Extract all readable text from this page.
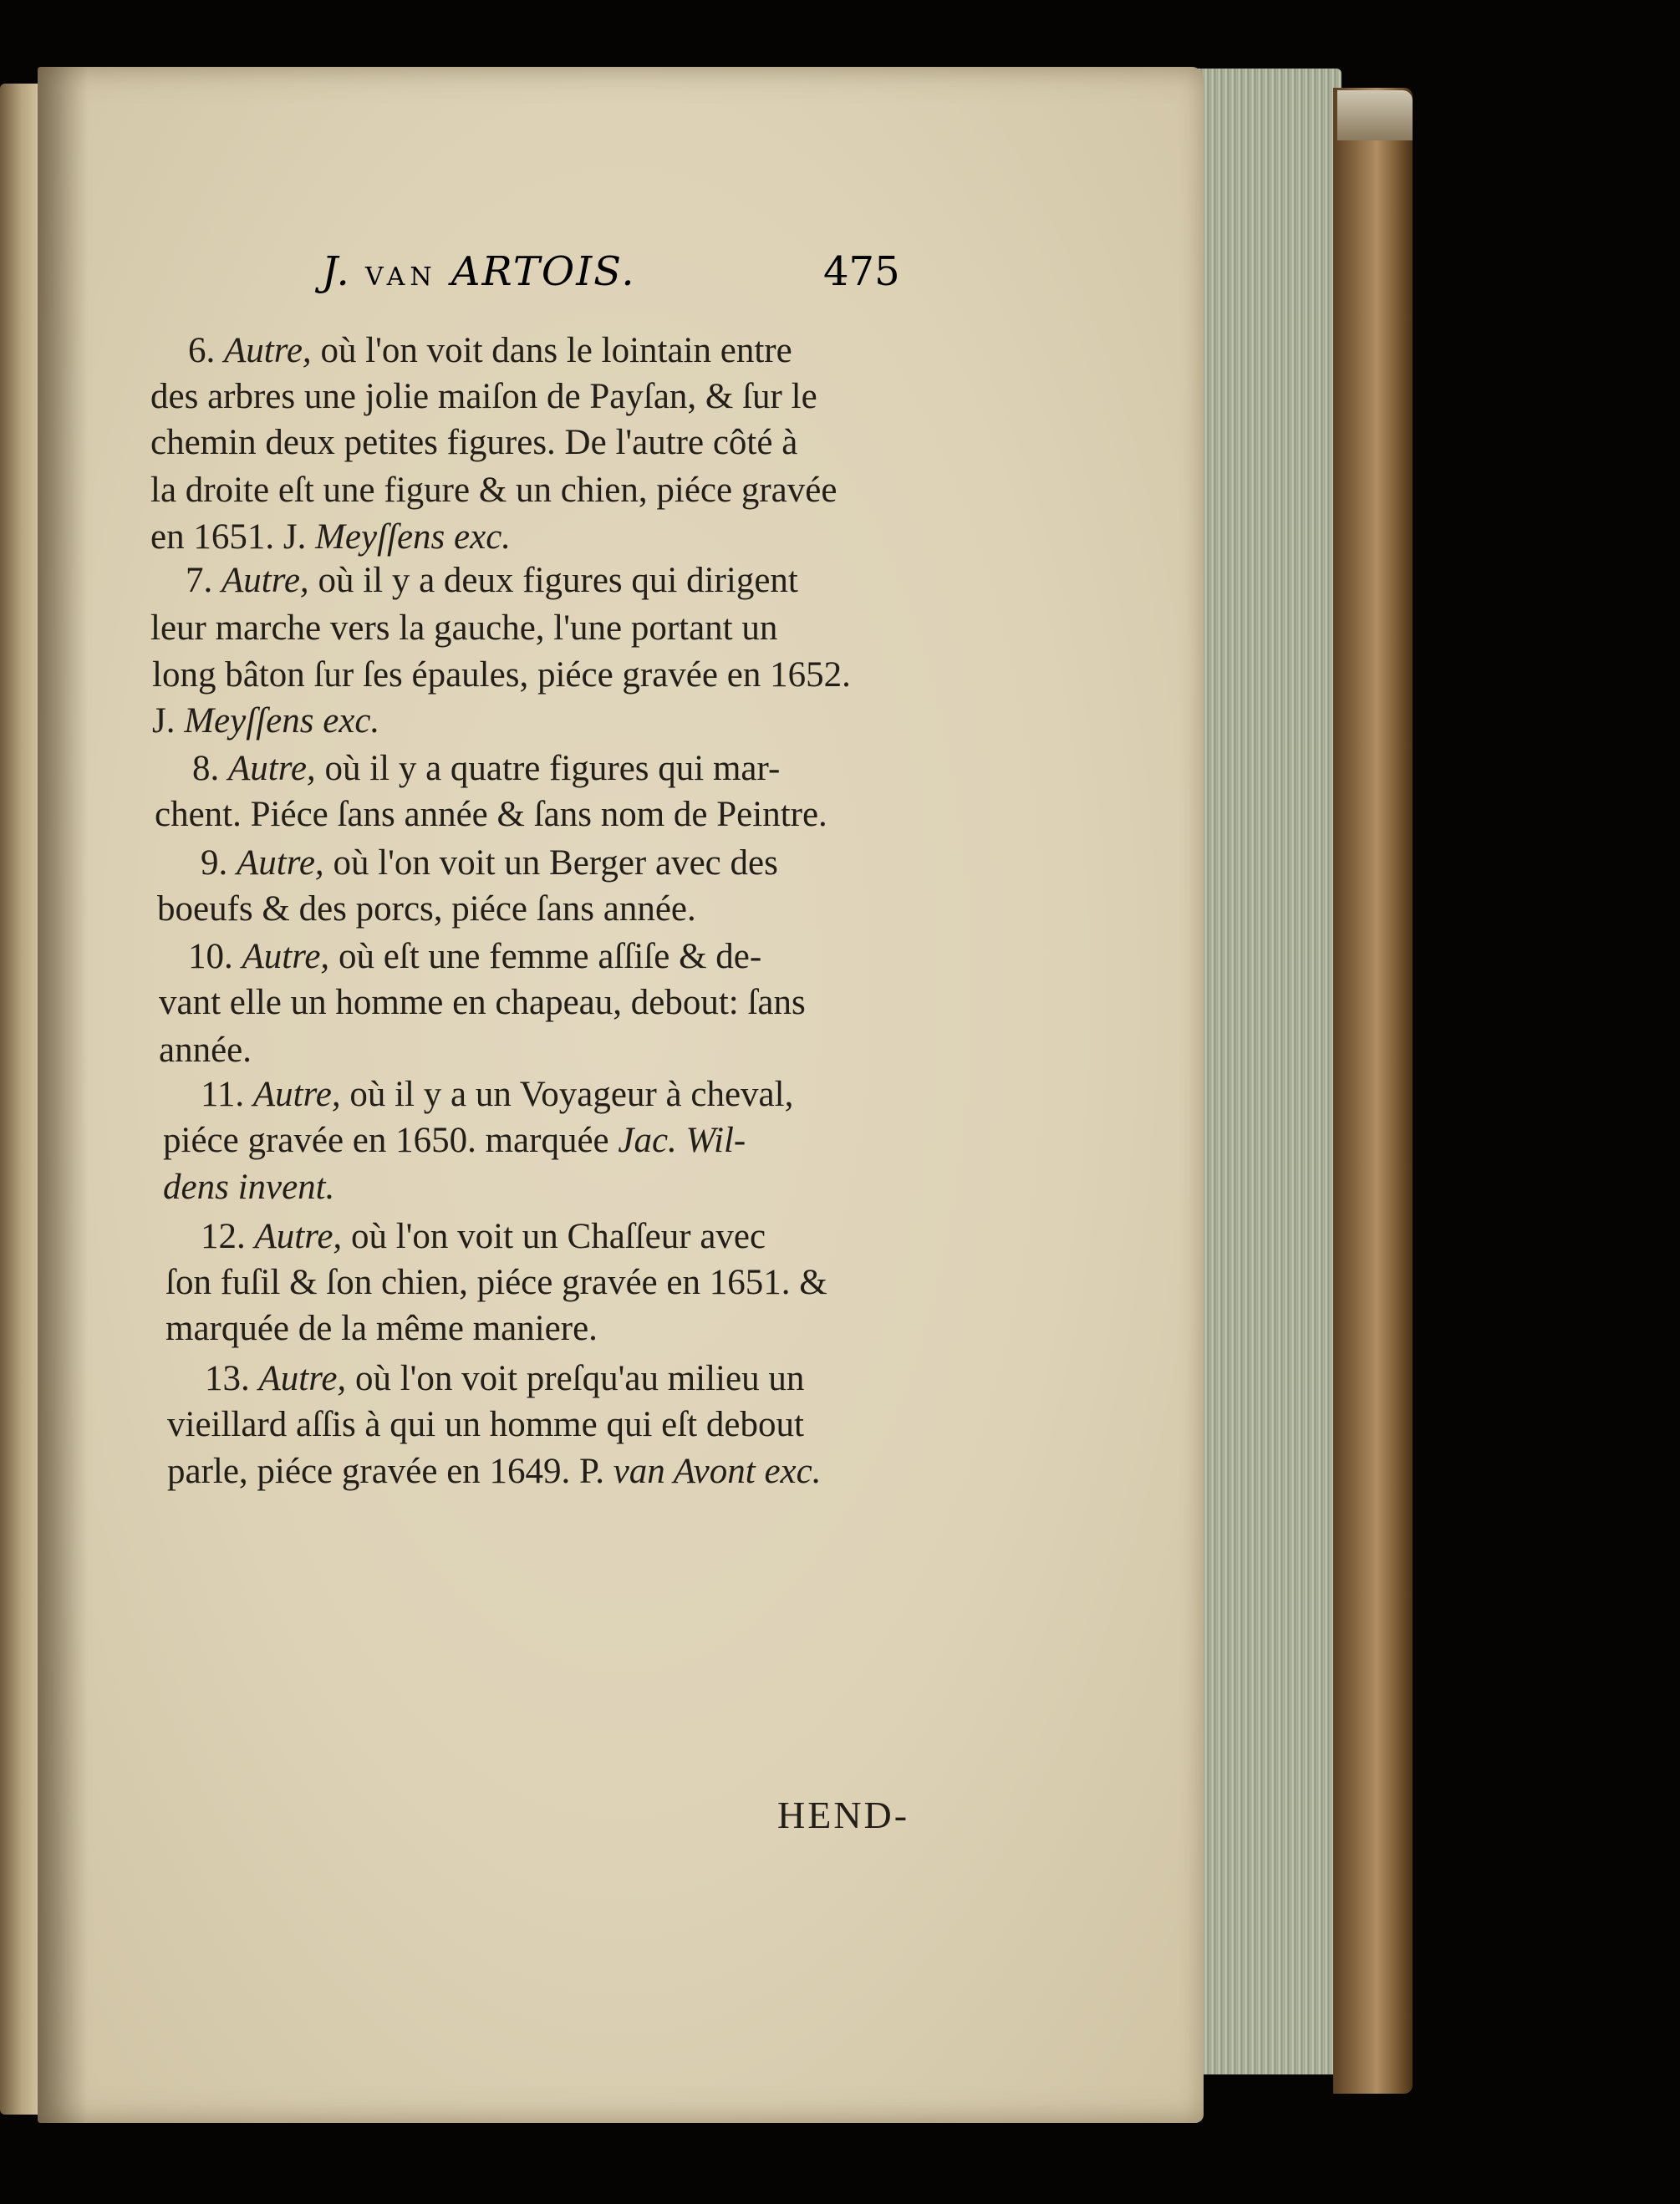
J. VAN ARTOIS.	475
6. Autre, où l'on voit dans le lointain entre
des arbres une jolie maiſon de Payſan, & ſur le
chemin deux petites figures. De l'autre côté à
la droite eſt une figure & un chien, piéce gravée
en 1651. J. Meyſſens exc.
7. Autre, où il y a deux figures qui dirigent
leur marche vers la gauche, l'une portant un
long bâton ſur ſes épaules, piéce gravée en 1652.
J. Meyſſens exc.
8. Autre, où il y a quatre figures qui mar-
chent. Piéce ſans année & ſans nom de Peintre.
9. Autre, où l'on voit un Berger avec des
boeufs & des porcs, piéce ſans année.
10. Autre, où eſt une femme aſſiſe & de-
vant elle un homme en chapeau, debout: ſans
année.
11. Autre, où il y a un Voyageur à cheval,
piéce gravée en 1650. marquée Jac. Wil-
dens invent.
12. Autre, où l'on voit un Chaſſeur avec
ſon fuſil & ſon chien, piéce gravée en 1651. &
marquée de la même maniere.
13. Autre, où l'on voit preſqu'au milieu un
vieillard aſſis à qui un homme qui eſt debout
parle, piéce gravée en 1649. P. van Avont exc.
HEND-
